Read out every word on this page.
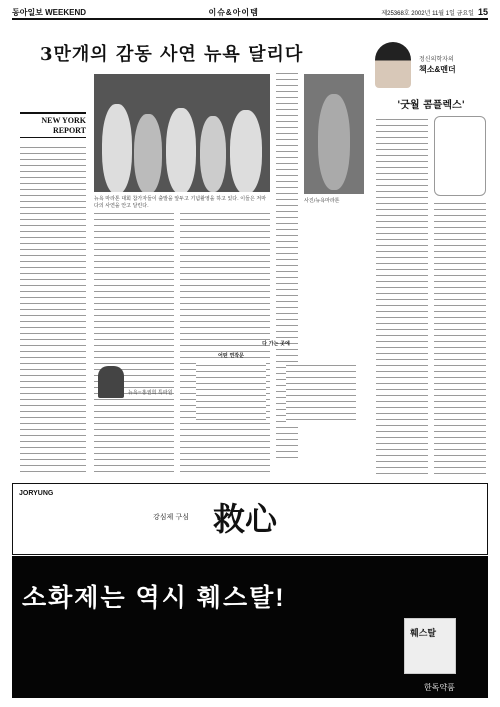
동아일보 WEEKEND	이슈&아이템	제25368호 2002년 11월 1일 금요일 15
3만개의 감동 사연 뉴욕 달리다
NEW YORK
REPORT
뉴욕 마라톤 대회 참가자들이 출발을 앞두고 기념촬영을 하고 있다. 이들은 저마다의 사연을 안고 달린다.
사진/뉴욕마라톤
뉴욕=홍권희 특파원
다 가는 곳에
어떤 연작문
정신의학자의
책소&멘더
'굿월 콤플렉스'
JORYUNG
救心
강심제 구심
소화제는 역시 훼스탈!
훼스탈
한독약품
